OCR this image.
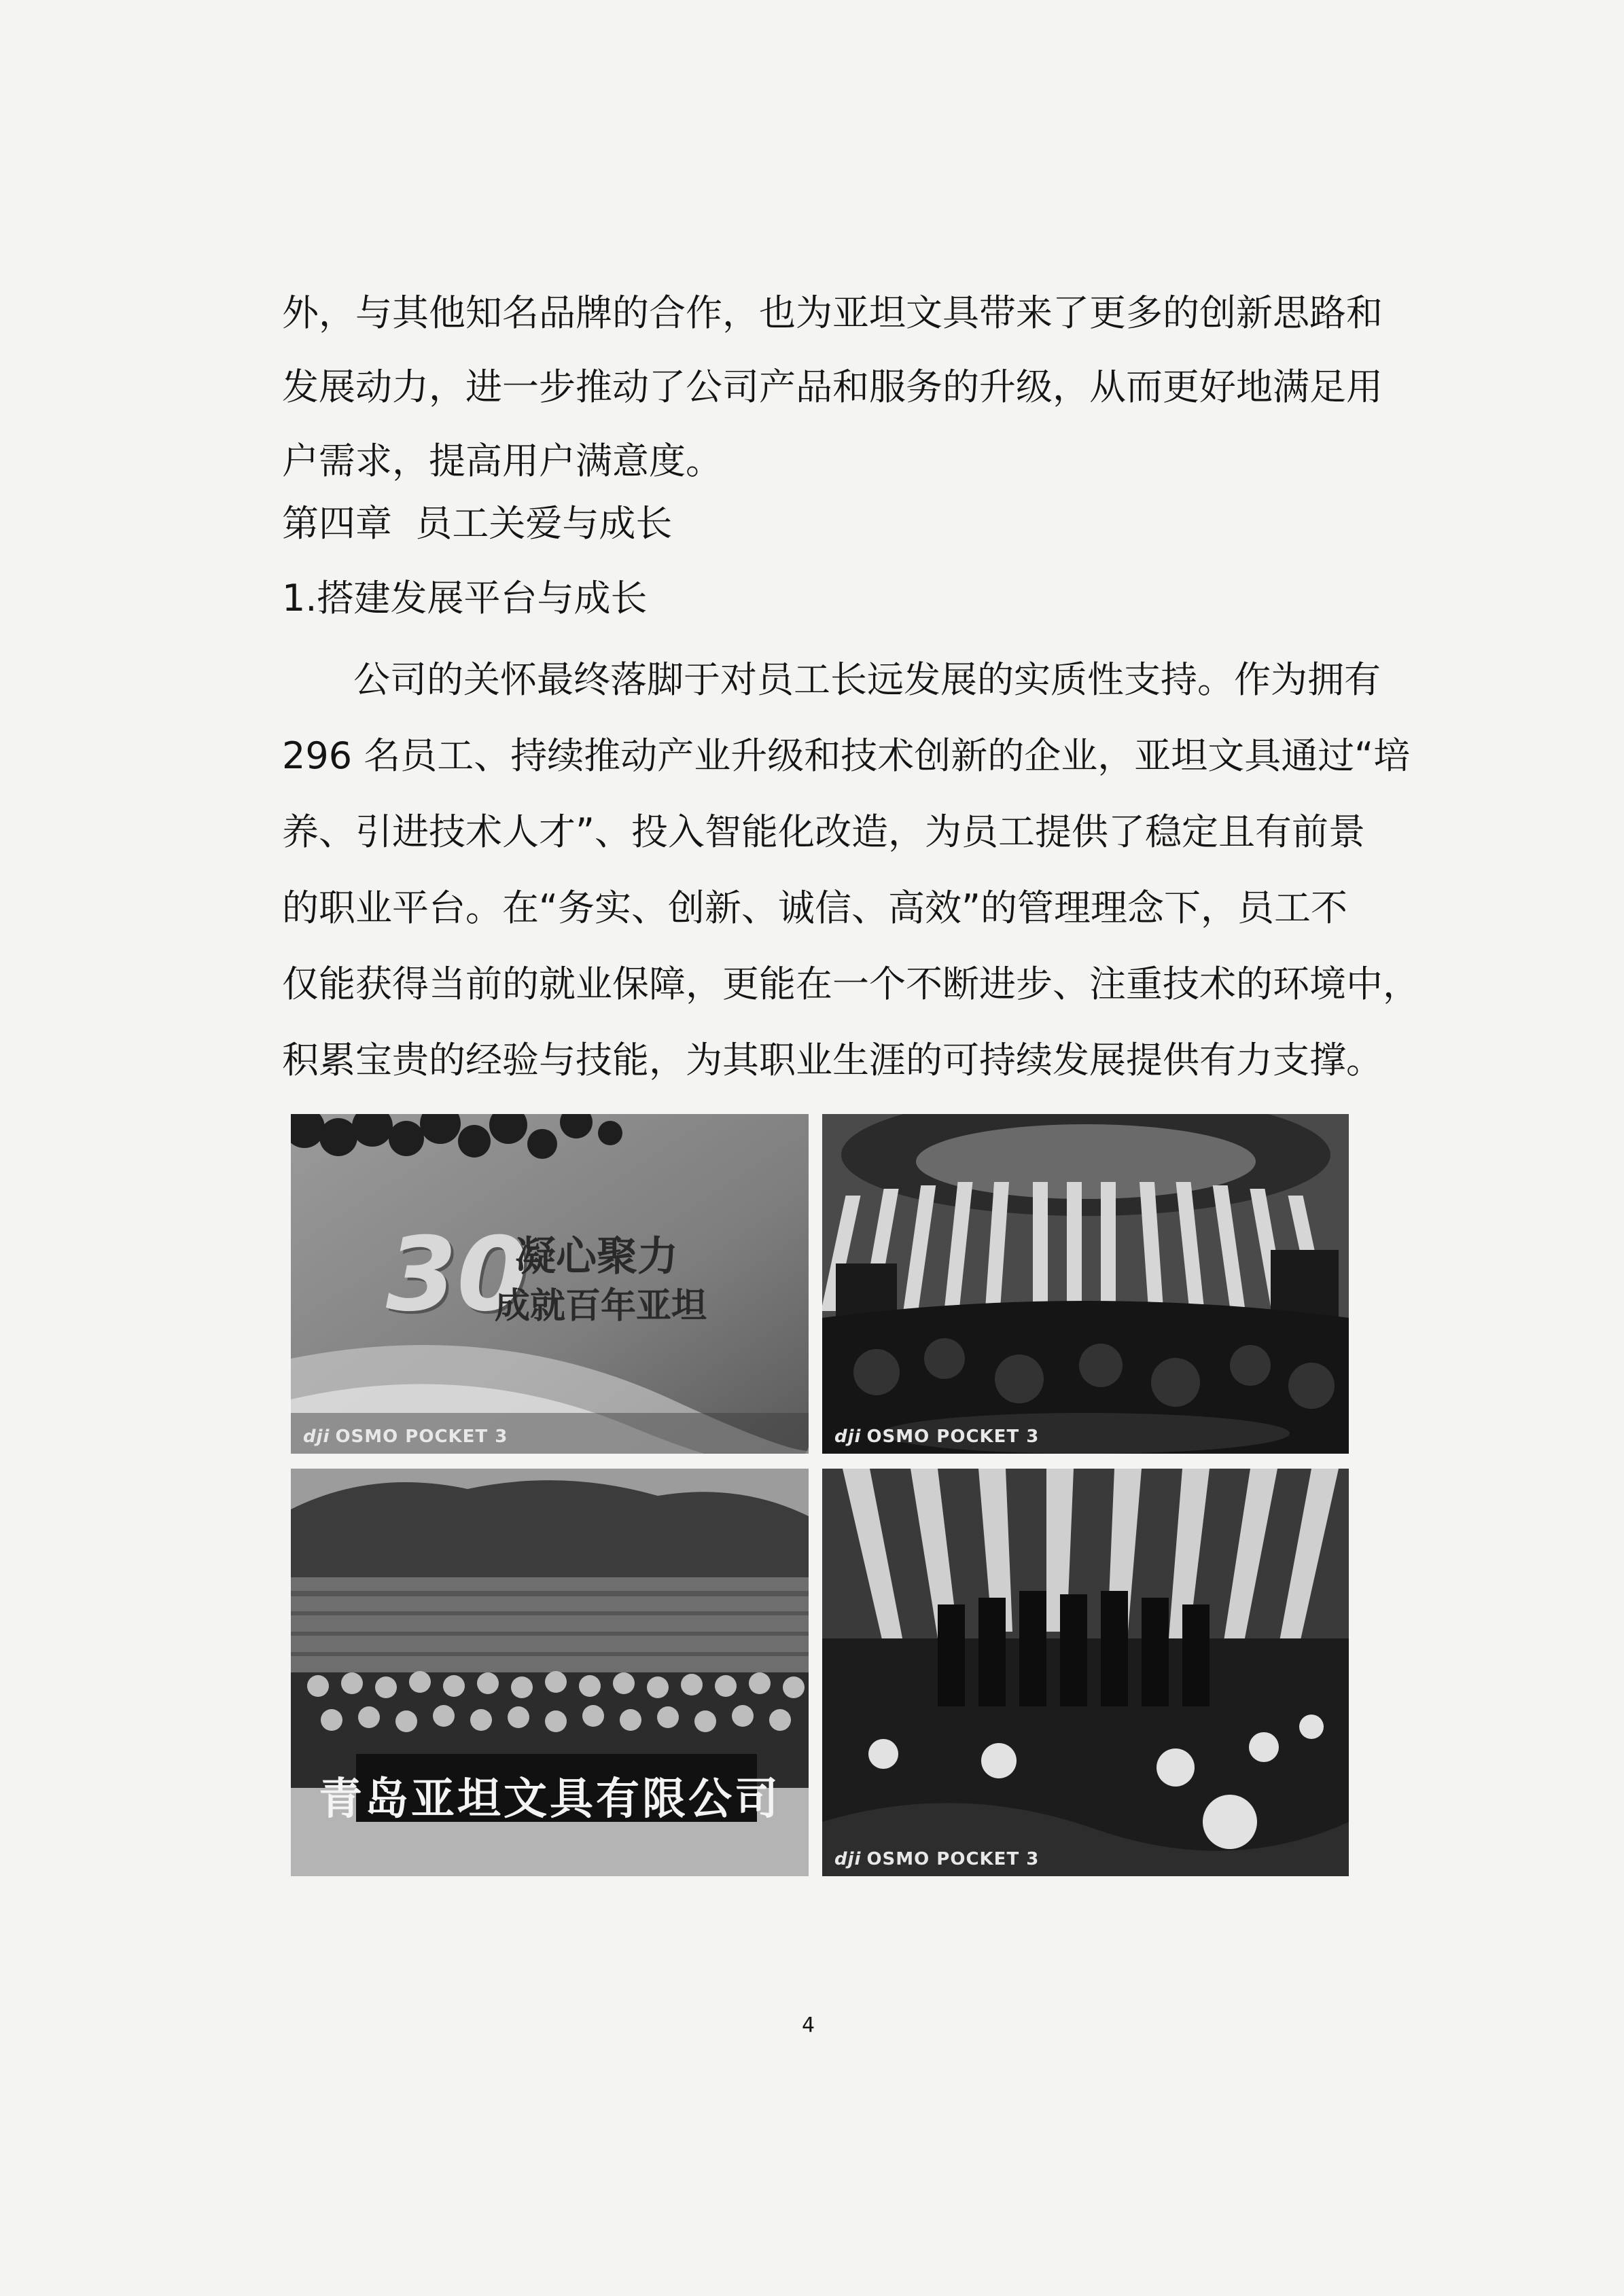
外，与其他知名品牌的合作，也为亚坦文具带来了更多的创新思路和
发展动力，进一步推动了公司产品和服务的升级，从而更好地满足用
户需求，提高用户满意度。
第四章  员工关爱与成长
1.搭建发展平台与成长
公司的关怀最终落脚于对员工长远发展的实质性支持。作为拥有
296 名员工、持续推动产业升级和技术创新的企业，亚坦文具通过“培
养、引进技术人才”、投入智能化改造，为员工提供了稳定且有前景
的职业平台。在“务实、创新、诚信、高效”的管理理念下，员工不
仅能获得当前的就业保障，更能在一个不断进步、注重技术的环境中，
积累宝贵的经验与技能，为其职业生涯的可持续发展提供有力支撑。
30
凝心聚力
成就百年亚坦
dji OSMO POCKET 3	dji OSMO POCKET 3
青岛亚坦文具有限公司
dji OSMO POCKET 3
4
